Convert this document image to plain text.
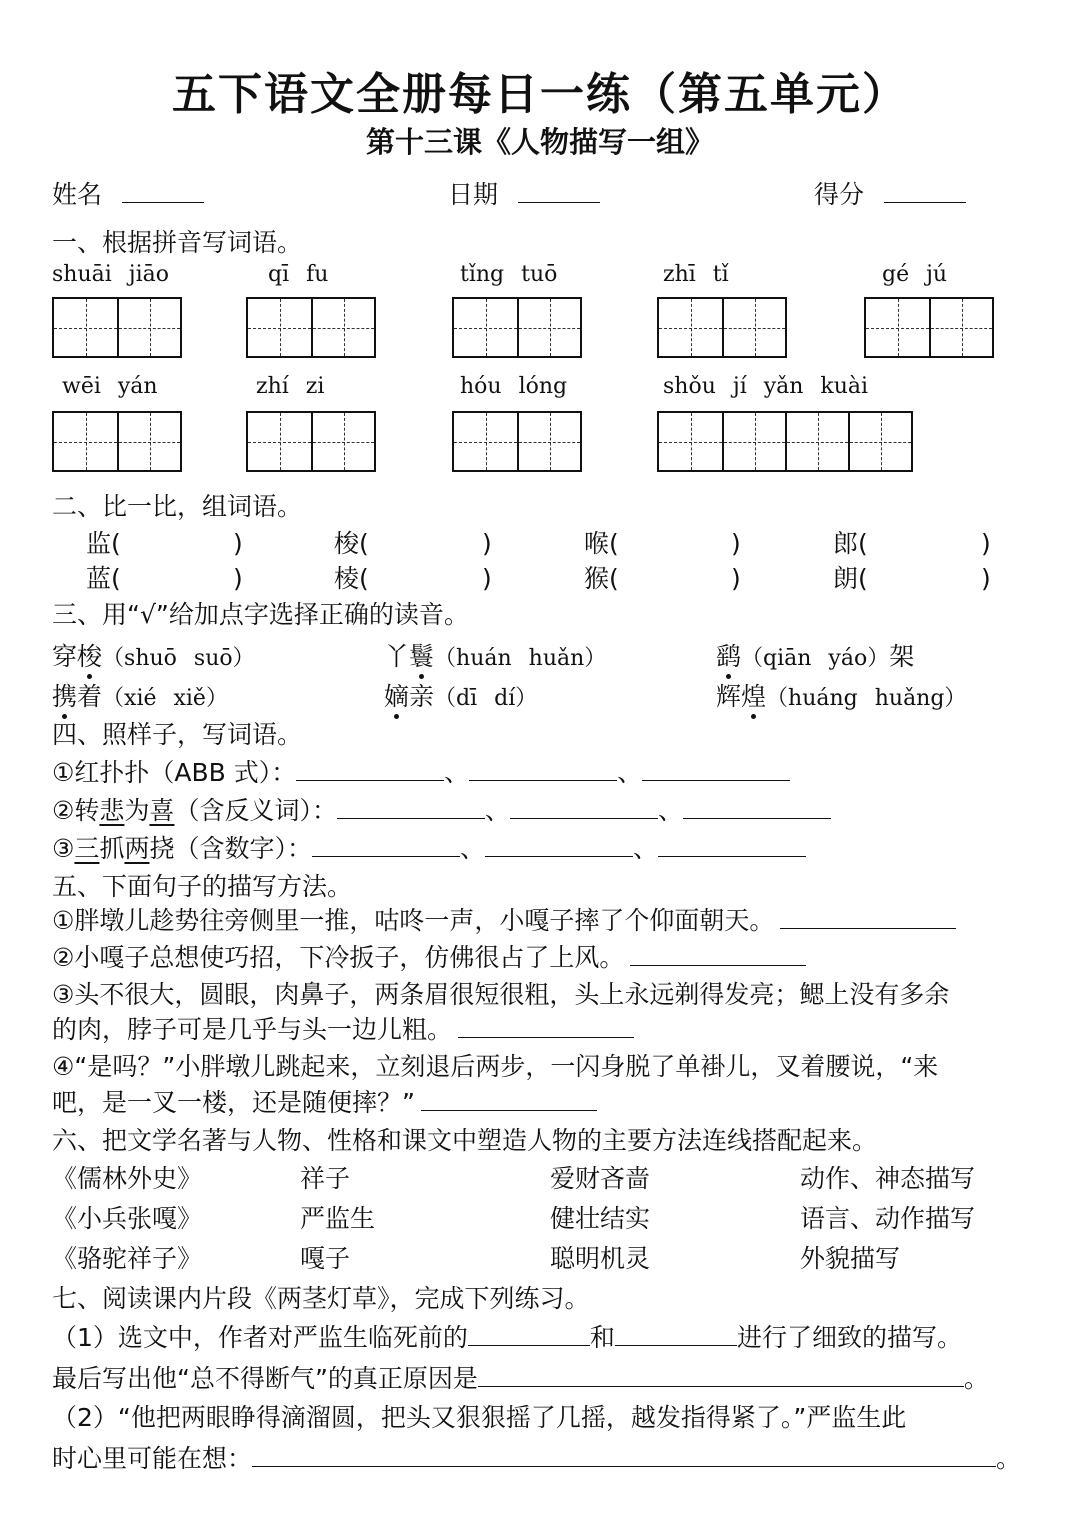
五下语文全册每日一练（第五单元）
第十三课《人物描写一组》
姓名	日期	得分
一、根据拼音写词语。
shuāi jiāo	qī fu	tǐng tuō	zhī tǐ	gé jú
wēi yán	zhí zi	hóu lóng	shǒu jí yǎn kuài
二、比一比，组词语。
监(	)	梭(	)	喉(	)	郎(	)
蓝(	)	棱(	)	猴(	)	朗(	)
三、用“√”给加点字选择正确的读音。
穿梭（shuō suō）	丫鬟（huán huǎn）	鹞（qiān yáo）架
携着（xié xiě）	嫡亲（dī dí）	辉煌（huáng huǎng）
四、照样子，写词语。
①红扑扑（ABB 式）：	、	、
②转悲为喜（含反义词）：	、	、
③三抓两挠（含数字）：	、	、
五、下面句子的描写方法。
①胖墩儿趁势往旁侧里一推，咕咚一声，小嘎子摔了个仰面朝天。
②小嘎子总想使巧招，下冷扳子，仿佛很占了上风。
③头不很大，圆眼，肉鼻子，两条眉很短很粗，头上永远剃得发亮；鳃上没有多余
的肉，脖子可是几乎与头一边儿粗。
④“是吗？”小胖墩儿跳起来，立刻退后两步，一闪身脱了单褂儿，叉着腰说，“来
吧，是一叉一楼，还是随便摔？”
六、把文学名著与人物、性格和课文中塑造人物的主要方法连线搭配起来。
《儒林外史》	祥子	爱财吝啬	动作、神态描写
《小兵张嘎》	严监生	健壮结实	语言、动作描写
《骆驼祥子》	嘎子	聪明机灵	外貌描写
七、阅读课内片段《两茎灯草》，完成下列练习。
（1）选文中，作者对严监生临死前的	和	进行了细致的描写。
最后写出他“总不得断气”的真正原因是	。
（2）“他把两眼睁得滴溜圆，把头又狠狠摇了几摇，越发指得紧了。”严监生此
时心里可能在想：	。
